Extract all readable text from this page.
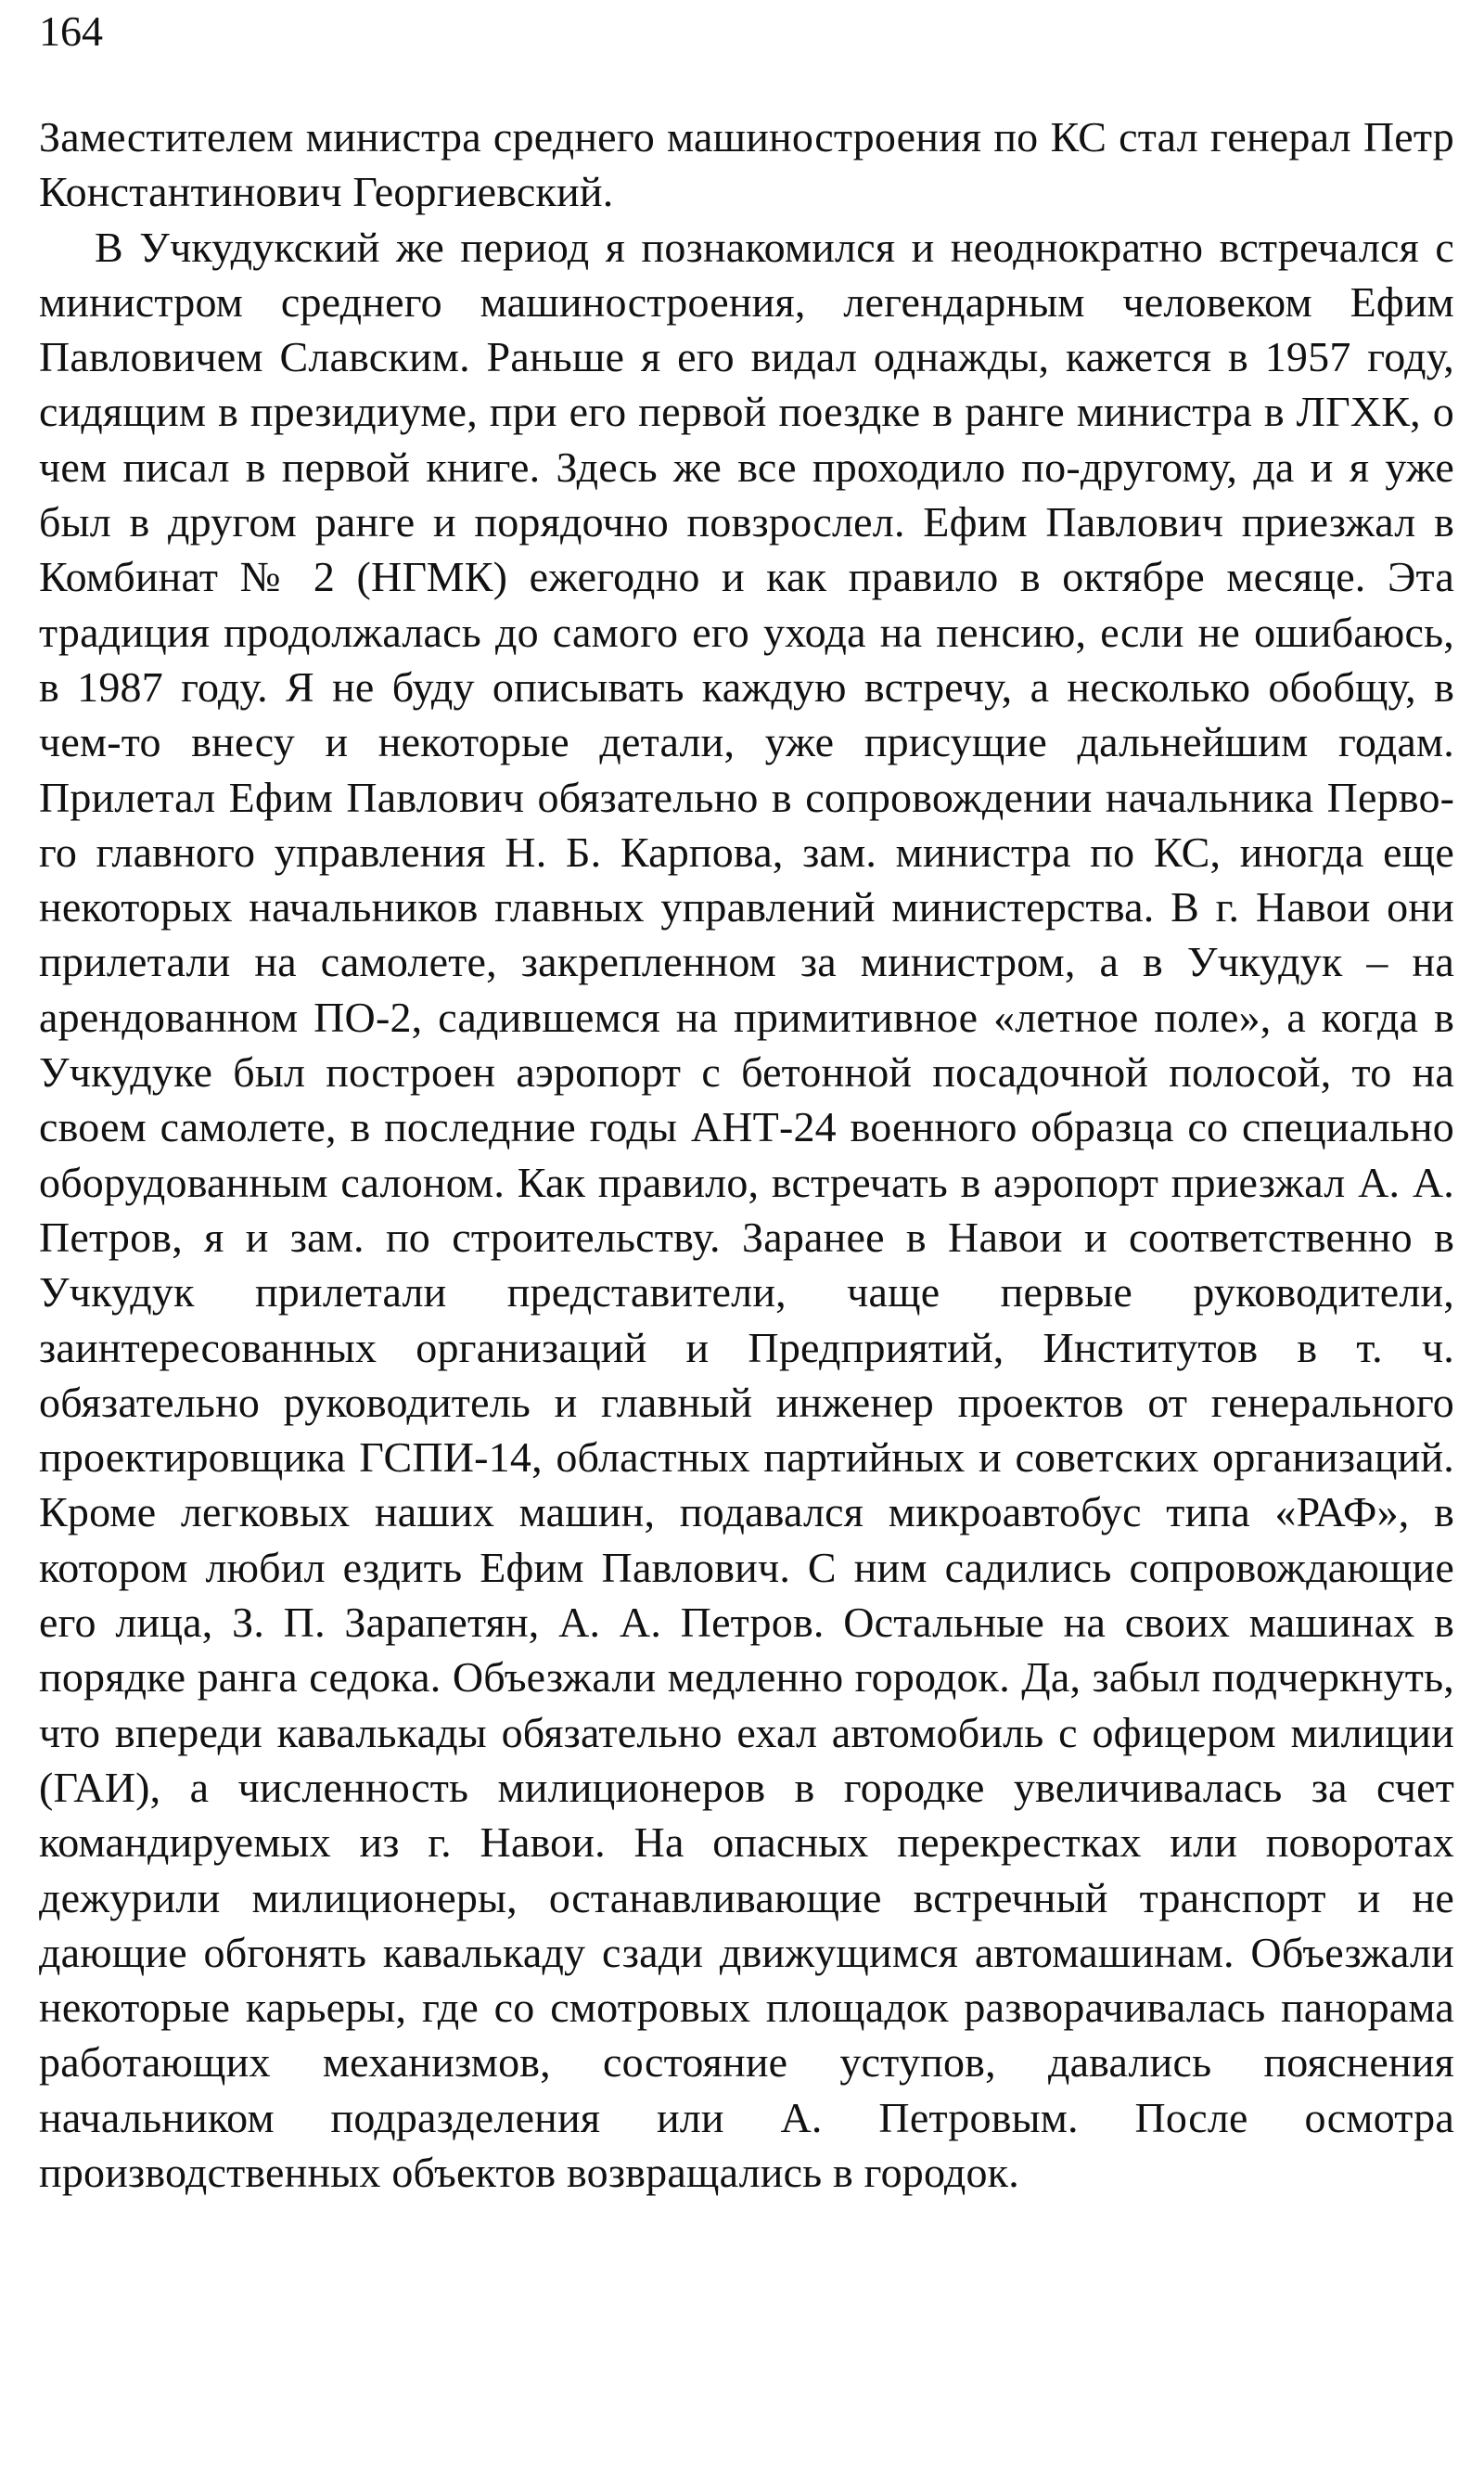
164

Заместителем министра среднего машиностроения по КС стал генерал Петр Константинович Георгиевский.

В Учкудукский же период я познакомился и неоднократно встречался с министром среднего машиностроения, легендарным человеком Ефим Павловичем Славским. Раньше я его видал однажды, кажется в 1957 году, сидящим в президиуме, при его первой поездке в ранге министра в ЛГХК, о чем писал в первой книге. Здесь же все проходило по-другому, да и я уже был в другом ранге и порядочно повзрослел. Ефим Павлович приезжал в Комбинат № 2 (НГМК) ежегодно и как правило в октябре месяце. Эта традиция продолжалась до самого его ухода на пенсию, если не ошибаюсь, в 1987 году. Я не буду описывать каждую встречу, а несколько обобщу, в чем-то внесу и некоторые детали, уже присущие дальнейшим годам. Прилетал Ефим Павлович обязательно в сопровождении начальника Первого главного управления Н. Б. Карпова, зам. министра по КС, иногда еще некоторых начальников главных управлений министерства. В г. Навои они прилетали на самолете, закрепленном за министром, а в Учкудук – на арендованном ПО-2, садившемся на примитивное «летное поле», а когда в Учкудуке был построен аэропорт с бетонной посадочной полосой, то на своем самолете, в последние годы АНТ-24 военного образца со специально оборудованным салоном. Как правило, встречать в аэропорт приезжал А. А. Петров, я и зам. по строительству. Заранее в Навои и соответственно в Учкудук прилетали представители, чаще первые руководители, заинтересованных организаций и Предприятий, Институтов в т. ч. обязательно руководитель и главный инженер проектов от генерального проектировщика ГСПИ-14, областных партийных и советских организаций. Кроме легковых наших машин, подавался микроавтобус типа «РАФ», в котором любил ездить Ефим Павлович. С ним садились сопровождающие его лица, З. П. Зарапетян, А. А. Петров. Остальные на своих машинах в порядке ранга седока. Объезжали медленно городок. Да, забыл подчеркнуть, что впереди кавалькады обязательно ехал автомобиль с офицером милиции (ГАИ), а численность милиционеров в городке увеличивалась за счет командируемых из г. Навои. На опасных перекрестках или поворотах дежурили милиционеры, останавливающие встречный транспорт и не дающие обгонять кавалькаду сзади движущимся автомашинам. Объезжали некоторые карьеры, где со смотровых площадок разворачивалась панорама работающих механизмов, состояние уступов, давались пояснения начальником подразделения или А. Петровым. После осмотра производственных объектов возвращались в городок.
